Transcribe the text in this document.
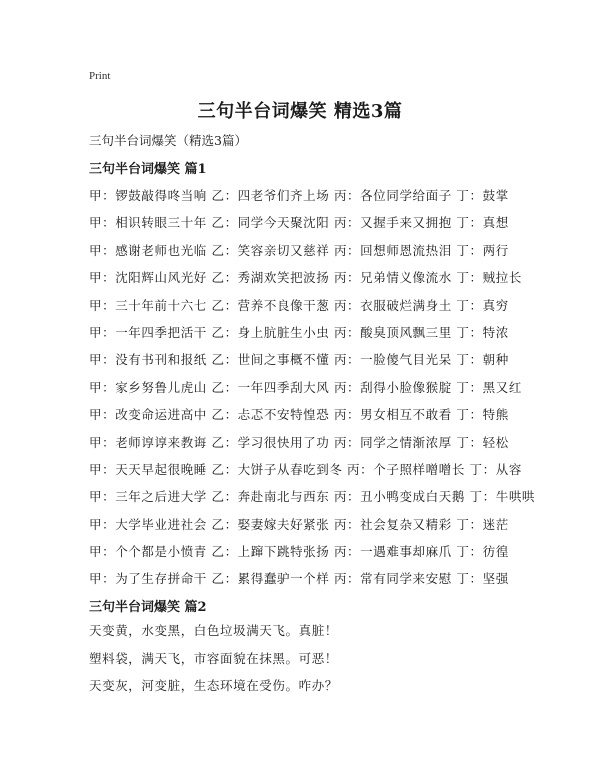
Print
三句半台词爆笑 精选3篇
三句半台词爆笑（精选3篇）
三句半台词爆笑 篇1
甲：锣鼓敲得咚当响 乙：四老爷们齐上场 丙：各位同学给面子 丁：鼓掌
甲：相识转眼三十年 乙：同学今天聚沈阳 丙：又握手来又拥抱 丁：真想
甲：感谢老师也光临 乙：笑容亲切又慈祥 丙：回想师恩流热泪 丁：两行
甲：沈阳辉山风光好 乙：秀湖欢笑把波扬 丙：兄弟情义像流水 丁：贼拉长
甲：三十年前十六七 乙：营养不良像干葱 丙：衣服破烂满身土 丁：真穷
甲：一年四季把活干 乙：身上肮脏生小虫 丙：酸臭顶风飘三里 丁：特浓
甲：没有书刊和报纸 乙：世间之事概不懂 丙：一脸傻气目光呆 丁：朝种
甲：家乡努鲁儿虎山 乙：一年四季刮大风 丙：刮得小脸像猴腚 丁：黑又红
甲：改变命运进高中 乙：忐忑不安特惶恐 丙：男女相互不敢看 丁：特熊
甲：老师谆谆来教诲 乙：学习很快用了功 丙：同学之情渐浓厚 丁：轻松
甲：天天早起很晚睡 乙：大饼子从春吃到冬 丙：个子照样噌噌长 丁：从容
甲：三年之后进大学 乙：奔赴南北与西东 丙：丑小鸭变成白天鹅 丁：牛哄哄
甲：大学毕业进社会 乙：娶妻嫁夫好紧张 丙：社会复杂又精彩 丁：迷茫
甲：个个都是小愤青 乙：上蹿下跳特张扬 丙：一遇难事却麻爪 丁：彷徨
甲：为了生存拼命干 乙：累得蠢驴一个样 丙：常有同学来安慰 丁：坚强
三句半台词爆笑 篇2
天变黄，水变黑，白色垃圾满天飞。真脏！
塑料袋，满天飞，市容面貌在抹黑。可恶！
天变灰，河变脏，生态环境在受伤。咋办？
